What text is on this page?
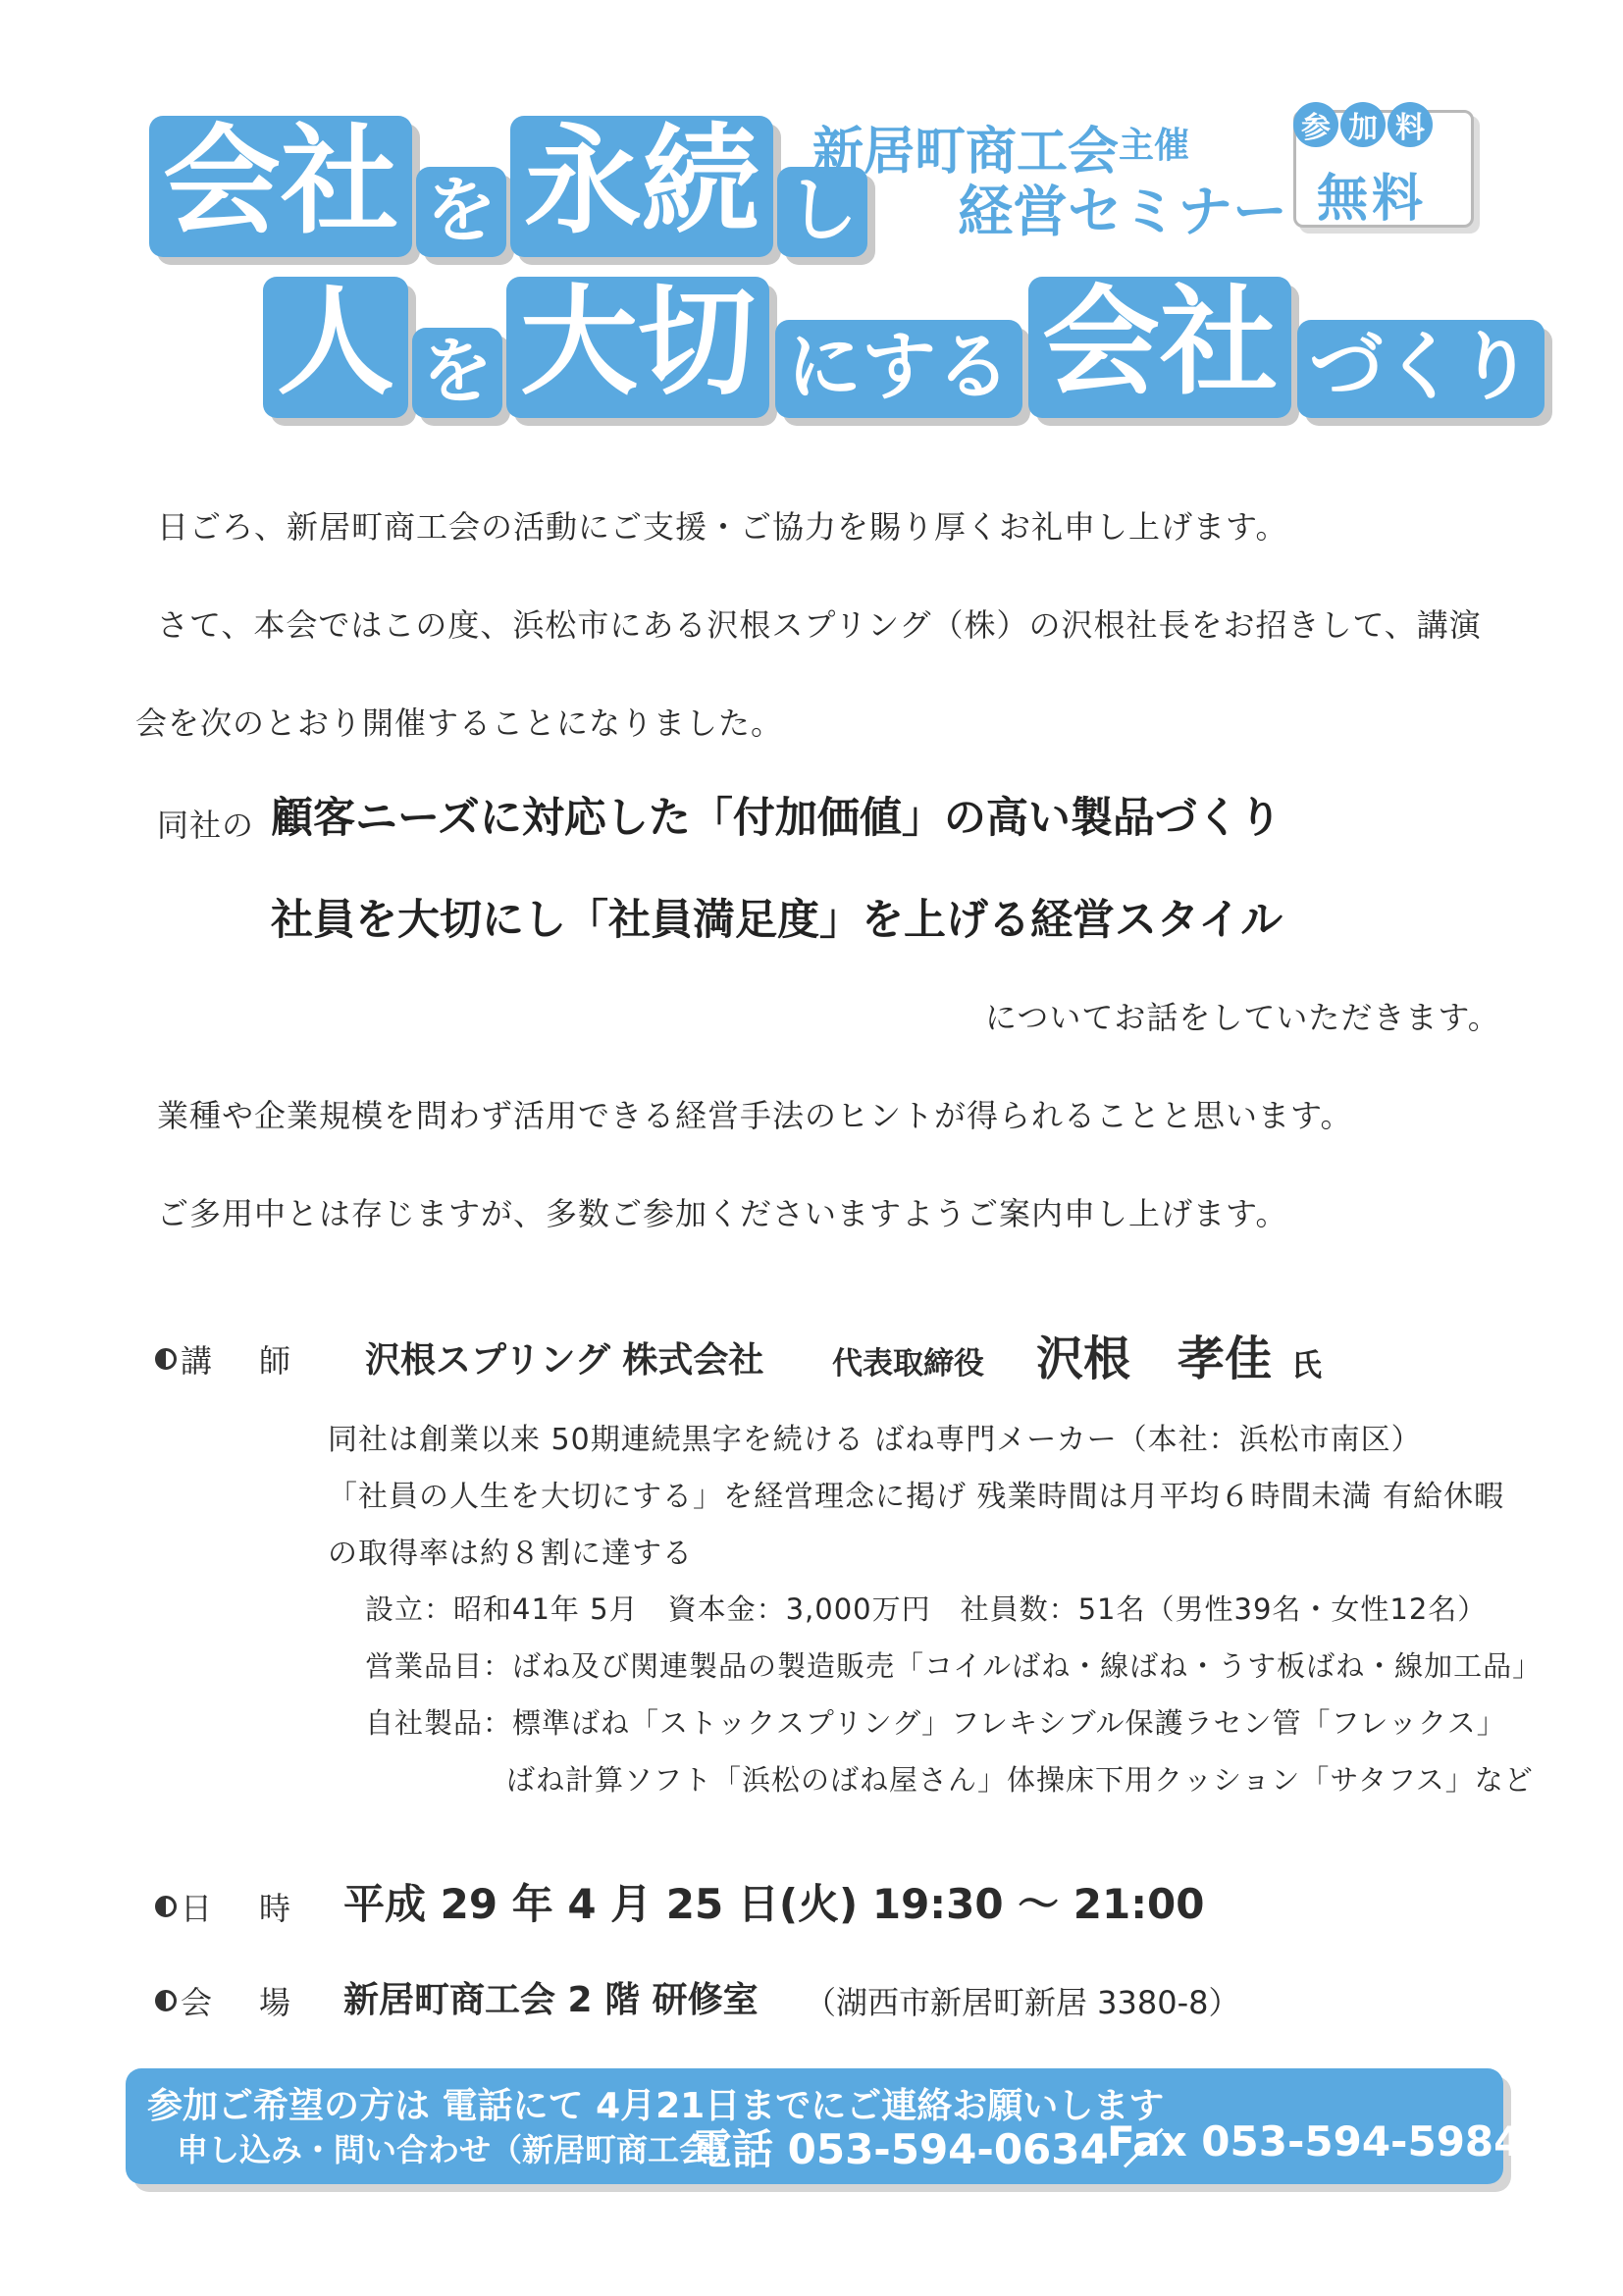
会社 を 永続 し
新居町商工会 主催
経営セミナー
参 加 料
無料
人 を 大切 にする 会社 づくり
日ごろ、新居町商工会の活動にご支援・ご協力を賜り厚くお礼申し上げます。
さて、本会ではこの度、浜松市にある沢根スプリング（株）の沢根社長をお招きして、講演
会を次のとおり開催することになりました。
同社の 顧客ニーズに対応した「付加価値」の高い製品づくり
社員を大切にし「社員満足度」を上げる経営スタイル
についてお話をしていただきます。
業種や企業規模を問わず活用できる経営手法のヒントが得られることと思います。
ご多用中とは存じますが、多数ご参加くださいますようご案内申し上げます。
講　師 沢根スプリング 株式会社 代表取締役 沢根　孝佳 氏
同社は創業以来 50期連続黒字を続ける ばね専門メーカー（本社：浜松市南区）
「社員の人生を大切にする」を経営理念に掲げ 残業時間は月平均６時間未満 有給休暇
の取得率は約８割に達する
設立：昭和41年 5月　資本金：3,000万円　社員数：51名（男性39名・女性12名）
営業品目：ばね及び関連製品の製造販売「コイルばね・線ばね・うす板ばね・線加工品」
自社製品：標準ばね「ストックスプリング」フレキシブル保護ラセン管「フレックス」
ばね計算ソフト「浜松のばね屋さん」体操床下用クッション「サタフス」など
日　時 平成 29 年 4 月 25 日(火) 19:30 ～ 21:00
会　場 新居町商工会 2 階 研修室 （湖西市新居町新居 3380-8）
参加ご希望の方は 電話にて 4月21日までにご連絡お願いします
申し込み・問い合わせ（新居町商工会）
電話 053-594-0634 ／
Fax 053-594-5984
